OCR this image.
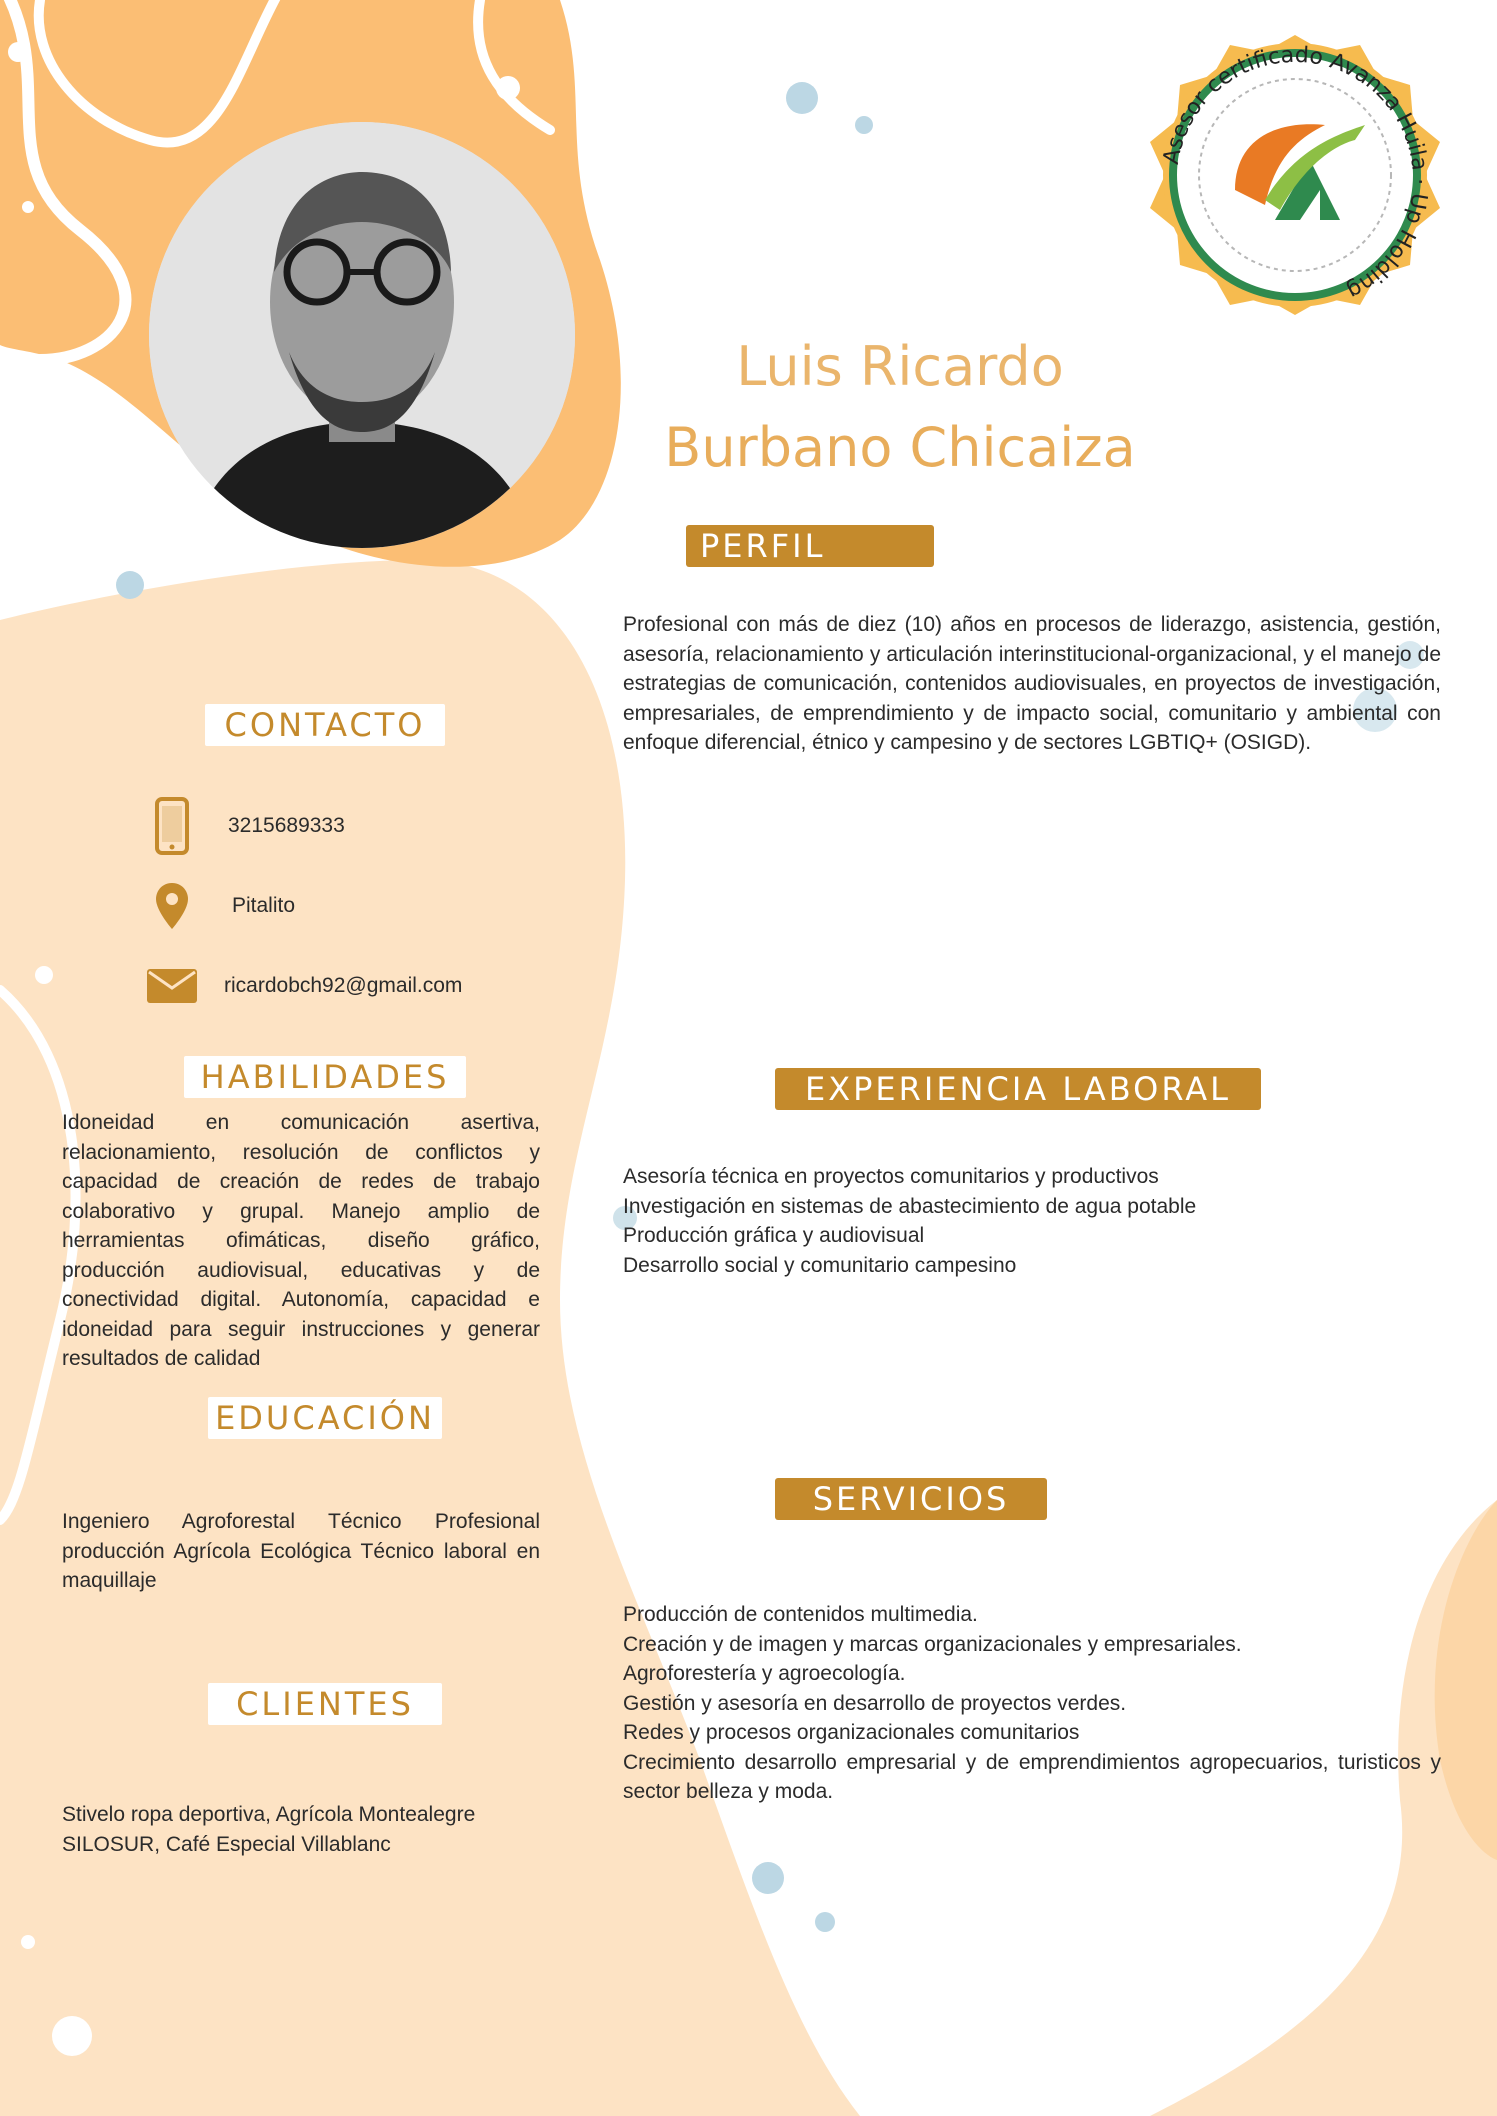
Asesor certificado Avanza Huila · Up Holding
Luis Ricardo
Burbano Chicaiza
PERFIL

Profesional con más de diez (10) años en procesos de liderazgo, asistencia, gestión, asesoría, relacionamiento y articulación interinstitucional-organizacional, y el manejo de estrategias de comunicación, contenidos audiovisuales, en proyectos de investigación, empresariales, de emprendimiento y de impacto social, comunitario y ambiental con enfoque diferencial, étnico y campesino y de sectores LGBTIQ+ (OSIGD).

CONTACTO
3215689333
Pitalito
ricardobch92@gmail.com
HABILIDADES

Idoneidad en comunicación asertiva, relacionamiento, resolución de conflictos y capacidad de creación de redes de trabajo colaborativo y grupal. Manejo amplio de herramientas ofimáticas, diseño gráfico, producción audiovisual, educativas y de conectividad digital. Autonomía, capacidad e idoneidad para seguir instrucciones y generar resultados de calidad

EDUCACIÓN

Ingeniero Agroforestal Técnico Profesional producción Agrícola Ecológica Técnico laboral en maquillaje

CLIENTES

Stivelo ropa deportiva, Agrícola Montealegre SILOSUR, Café Especial Villablanc

EXPERIENCIA LABORAL
Asesoría técnica en proyectos comunitarios y productivos
Investigación en sistemas de abastecimiento de agua potable
Producción gráfica y audiovisual
Desarrollo social y comunitario campesino
SERVICIOS
Producción de contenidos multimedia.
Creación y de imagen y marcas organizacionales y empresariales.
Agroforestería y agroecología.
Gestión y asesoría en desarrollo de proyectos verdes.
Redes y procesos organizacionales comunitarios
Crecimiento desarrollo empresarial y de emprendimientos agropecuarios, turisticos y sector belleza y moda.
